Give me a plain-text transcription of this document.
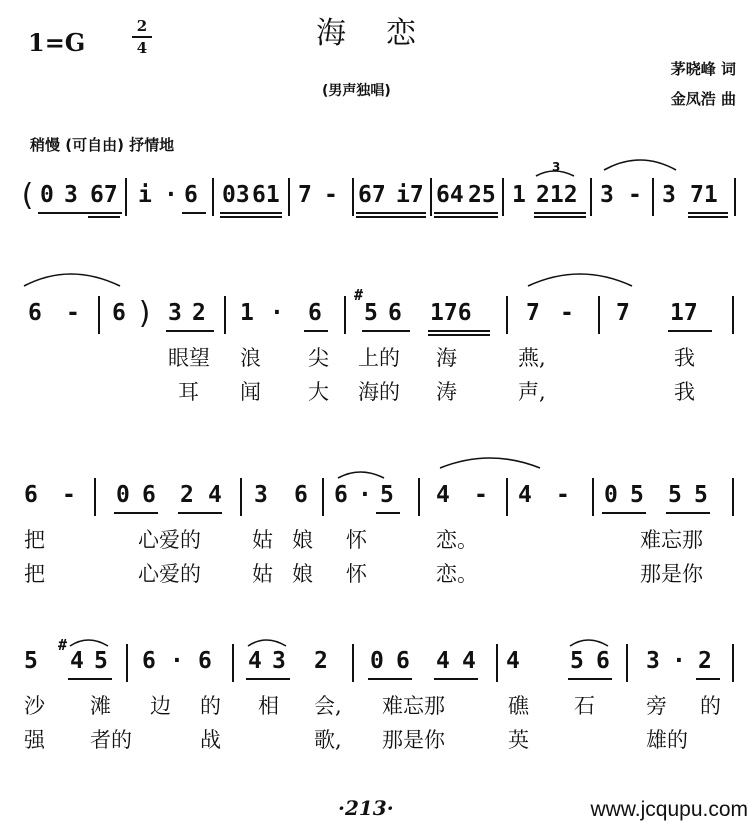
1=G
2
4	海恋
(男声独唱)
茅晓峰 词
金凤浩 曲
稍慢 (可自由) 抒情地
( 0 3 67 i · 6 03 61 7 - 67 i7 64 25 1 212
3
3 - 3 71
6 - 6 ) 3 2 1 · 6
#
5 6 176 7 - 7 17
眼望 浪 尖 上的 海	燕,	我
耳 闻 大 海的 涛	声,	我
6 - 0 6 2 4 3 6 6 · 5 4 - 4 - 0 5 5 5
把	心爱的 姑 娘 怀	恋。	难忘那
把	心爱的 姑 娘 怀	恋。	那是你
5
#
4 5 6 · 6 4 3 2 0 6 4 4 4 5 6 3 · 2
沙 滩 边 的 相 会, 难忘那	礁 石 旁 的
强 者的	战	歌, 那是你	英	雄的
·213·	www.jcqupu.com
